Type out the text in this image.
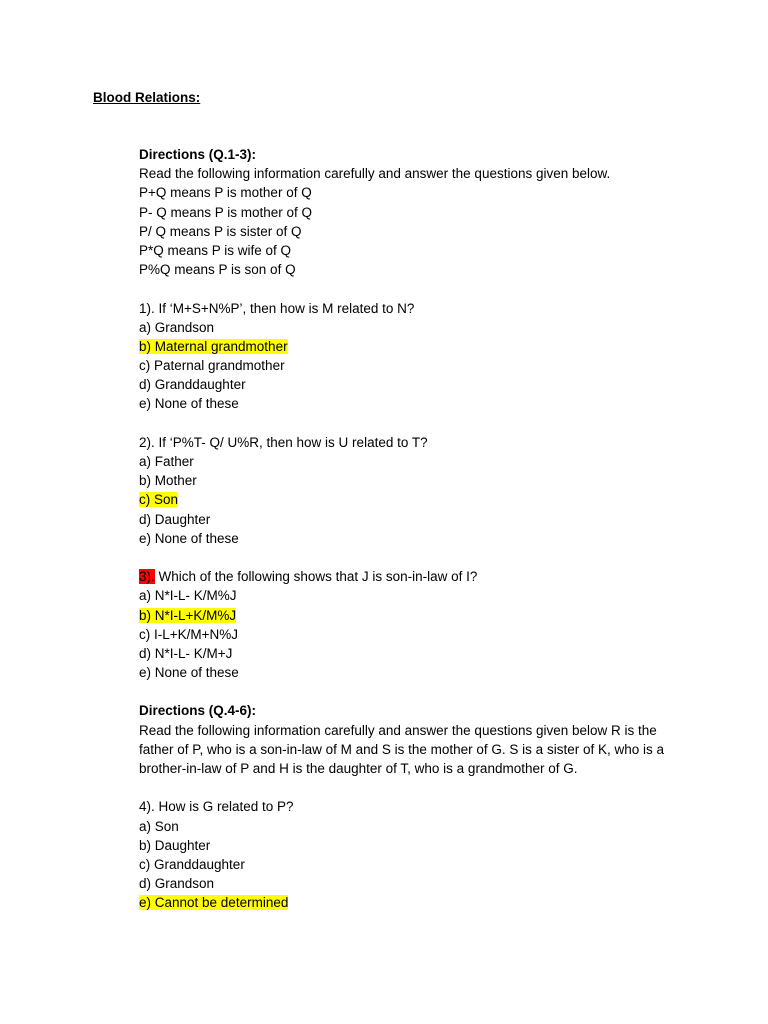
Blood Relations:
Directions (Q.1-3):
Read the following information carefully and answer the questions given below.
P+Q means P is mother of Q
P- Q means P is mother of Q
P/ Q means P is sister of Q
P*Q means P is wife of Q
P%Q means P is son of Q
1). If ‘M+S+N%P’, then how is M related to N?
a) Grandson
b) Maternal grandmother
c) Paternal grandmother
d) Granddaughter
e) None of these
2). If ‘P%T- Q/ U%R, then how is U related to T?
a) Father
b) Mother
c) Son
d) Daughter
e) None of these
3). Which of the following shows that J is son-in-law of I?
a) N*I-L- K/M%J
b) N*I-L+K/M%J
c) I-L+K/M+N%J
d) N*I-L- K/M+J
e) None of these
Directions (Q.4-6):
Read the following information carefully and answer the questions given below R is the father of P, who is a son-in-law of M and S is the mother of G. S is a sister of K, who is a brother-in-law of P and H is the daughter of T, who is a grandmother of G.
4). How is G related to P?
a) Son
b) Daughter
c) Granddaughter
d) Grandson
e) Cannot be determined
